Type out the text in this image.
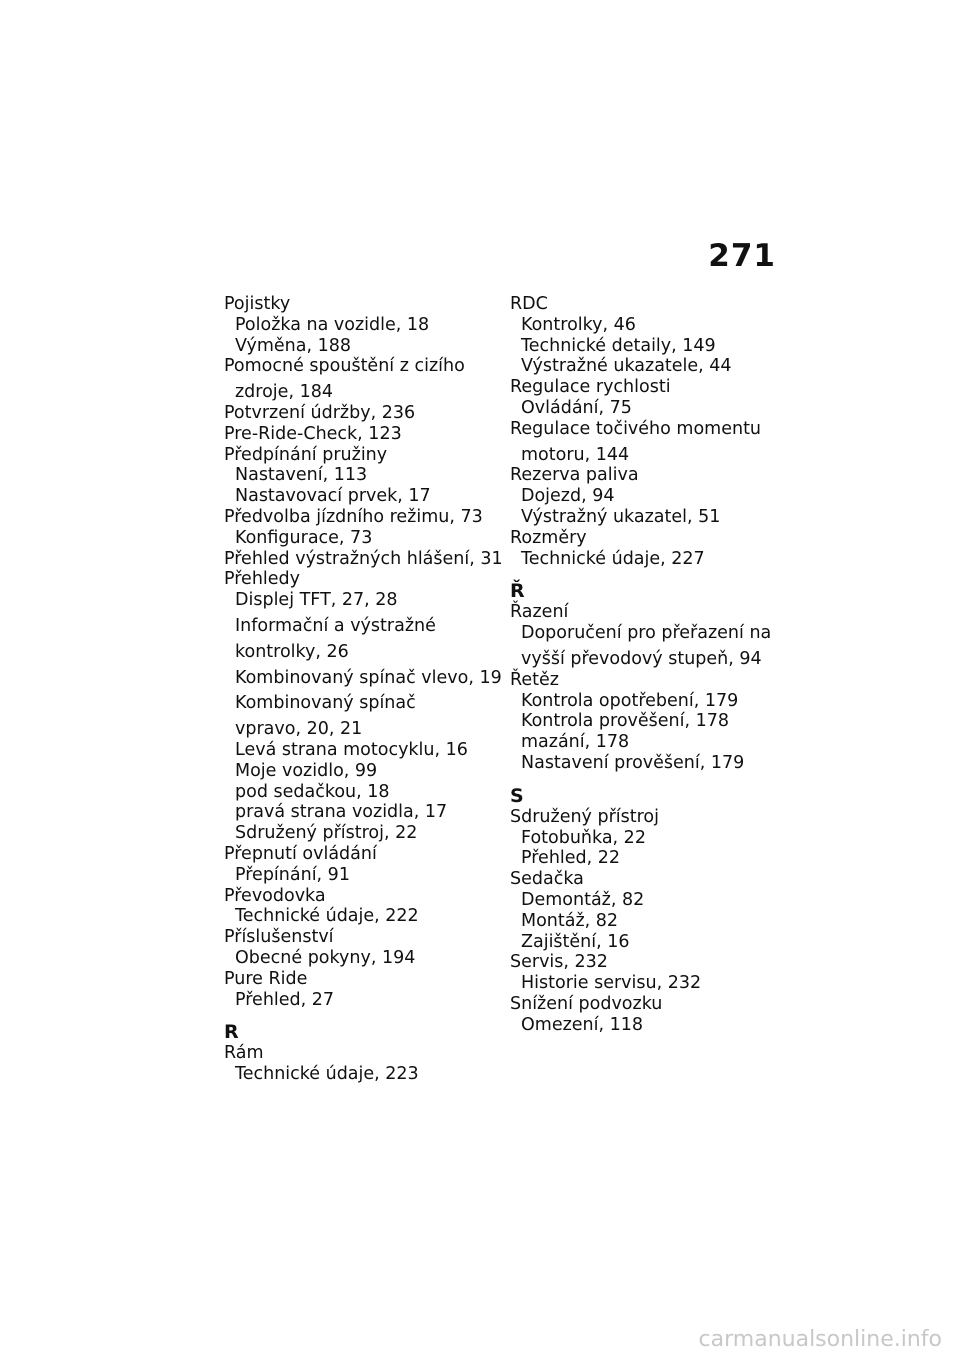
271
Pojistky
Položka na vozidle, 18
Výměna, 188
Pomocné spouštění z cizího
zdroje, 184
Potvrzení údržby, 236
Pre-Ride-Check, 123
Předpínání pružiny
Nastavení, 113
Nastavovací prvek, 17
Předvolba jízdního režimu, 73
Konfigurace, 73
Přehled výstražných hlášení, 31
Přehledy
Displej TFT, 27, 28
Informační a výstražné
kontrolky, 26
Kombinovaný spínač vlevo, 19
Kombinovaný spínač
vpravo, 20, 21
Levá strana motocyklu, 16
Moje vozidlo, 99
pod sedačkou, 18
pravá strana vozidla, 17
Sdružený přístroj, 22
Přepnutí ovládání
Přepínání, 91
Převodovka
Technické údaje, 222
Příslušenství
Obecné pokyny, 194
Pure Ride
Přehled, 27
R
Rám
Technické údaje, 223
RDC
Kontrolky, 46
Technické detaily, 149
Výstražné ukazatele, 44
Regulace rychlosti
Ovládání, 75
Regulace točivého momentu
motoru, 144
Rezerva paliva
Dojezd, 94
Výstražný ukazatel, 51
Rozměry
Technické údaje, 227
Ř
Řazení
Doporučení pro přeřazení na
vyšší převodový stupeň, 94
Řetěz
Kontrola opotřebení, 179
Kontrola prověšení, 178
mazání, 178
Nastavení prověšení, 179
S
Sdružený přístroj
Fotobuňka, 22
Přehled, 22
Sedačka
Demontáž, 82
Montáž, 82
Zajištění, 16
Servis, 232
Historie servisu, 232
Snížení podvozku
Omezení, 118
carmanualsonline.info
